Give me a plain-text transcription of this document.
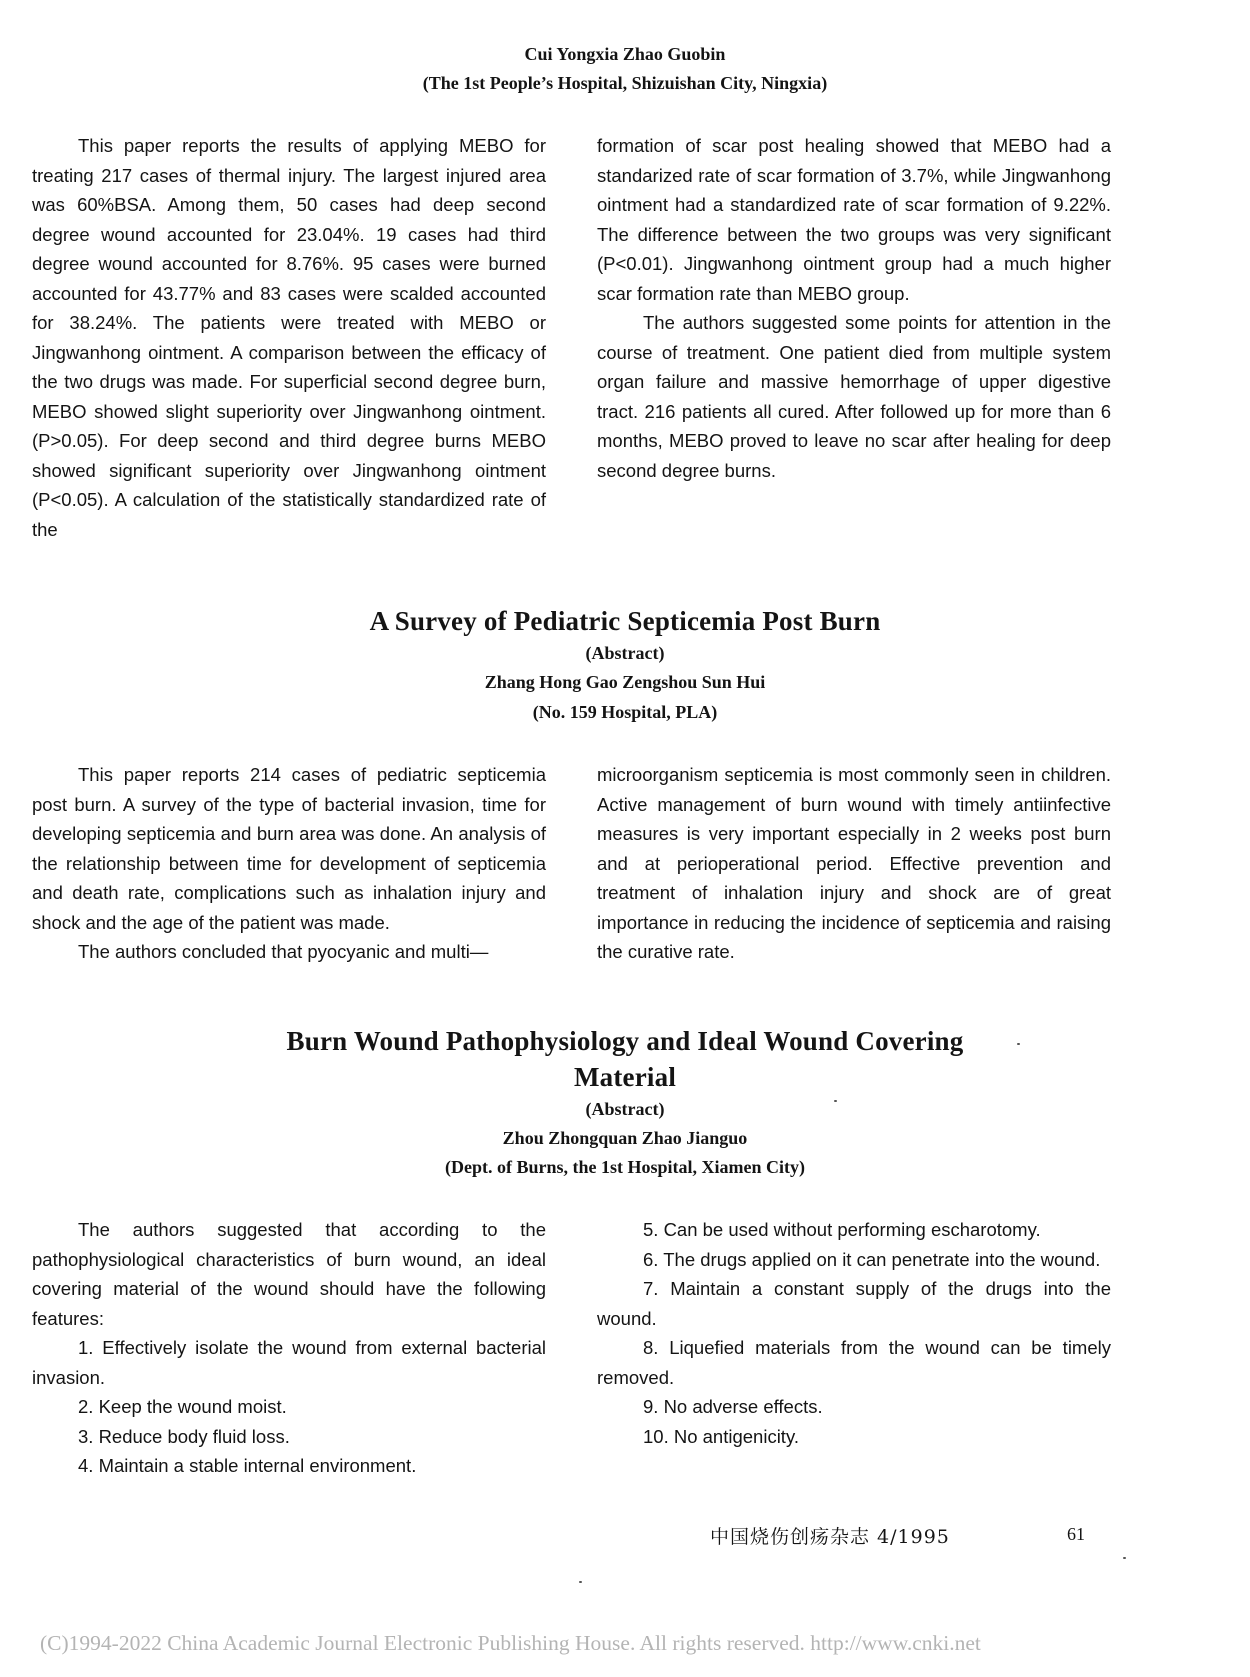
Cui Yongxia Zhao Guobin
(The 1st People’s Hospital, Shizuishan City, Ningxia)

This paper reports the results of applying MEBO for treating 217 cases of thermal injury. The largest injured area was 60%BSA. Among them, 50 cases had deep second degree wound accounted for 23.04%. 19 cases had third degree wound accounted for 8.76%. 95 cases were burned accounted for 43.77% and 83 cases were scalded accounted for 38.24%. The patients were treated with MEBO or Jingwanhong ointment. A comparison between the efficacy of the two drugs was made. For superficial second degree burn, MEBO showed slight superiority over Jingwanhong ointment. (P>0.05). For deep second and third degree burns MEBO showed significant superiority over Jingwanhong ointment (P<0.05). A calculation of the statistically standardized rate of the

formation of scar post healing showed that MEBO had a standarized rate of scar formation of 3.7%, while Jingwanhong ointment had a standardized rate of scar formation of 9.22%. The difference between the two groups was very significant (P<0.01). Jingwanhong ointment group had a much higher scar formation rate than MEBO group.

The authors suggested some points for attention in the course of treatment. One patient died from multiple system organ failure and massive hemorrhage of upper digestive tract. 216 patients all cured. After followed up for more than 6 months, MEBO proved to leave no scar after healing for deep second degree burns.

A Survey of Pediatric Septicemia Post Burn
(Abstract)
Zhang Hong Gao Zengshou Sun Hui
(No. 159 Hospital, PLA)

This paper reports 214 cases of pediatric septicemia post burn. A survey of the type of bacterial invasion, time for developing septicemia and burn area was done. An analysis of the relationship between time for development of septicemia and death rate, complications such as inhalation injury and shock and the age of the patient was made.

The authors concluded that pyocyanic and multi—

microorganism septicemia is most commonly seen in children. Active management of burn wound with timely antiinfective measures is very important especially in 2 weeks post burn and at perioperational period. Effective prevention and treatment of inhalation injury and shock are of great importance in reducing the incidence of septicemia and raising the curative rate.

Burn Wound Pathophysiology and Ideal Wound Covering
Material
(Abstract)
Zhou Zhongquan Zhao Jianguo
(Dept. of Burns, the 1st Hospital, Xiamen City)

The authors suggested that according to the pathophysiological characteristics of burn wound, an ideal covering material of the wound should have the following features:

1. Effectively isolate the wound from external bacterial invasion.

2. Keep the wound moist.

3. Reduce body fluid loss.

4. Maintain a stable internal environment.

5. Can be used without performing escharotomy.

6. The drugs applied on it can penetrate into the wound.

7. Maintain a constant supply of the drugs into the wound.

8. Liquefied materials from the wound can be timely removed.

9. No adverse effects.

10. No antigenicity.

中国烧伤创疡杂志 4/1995	61
(C)1994-2022 China Academic Journal Electronic Publishing House. All rights reserved. http://www.cnki.net
